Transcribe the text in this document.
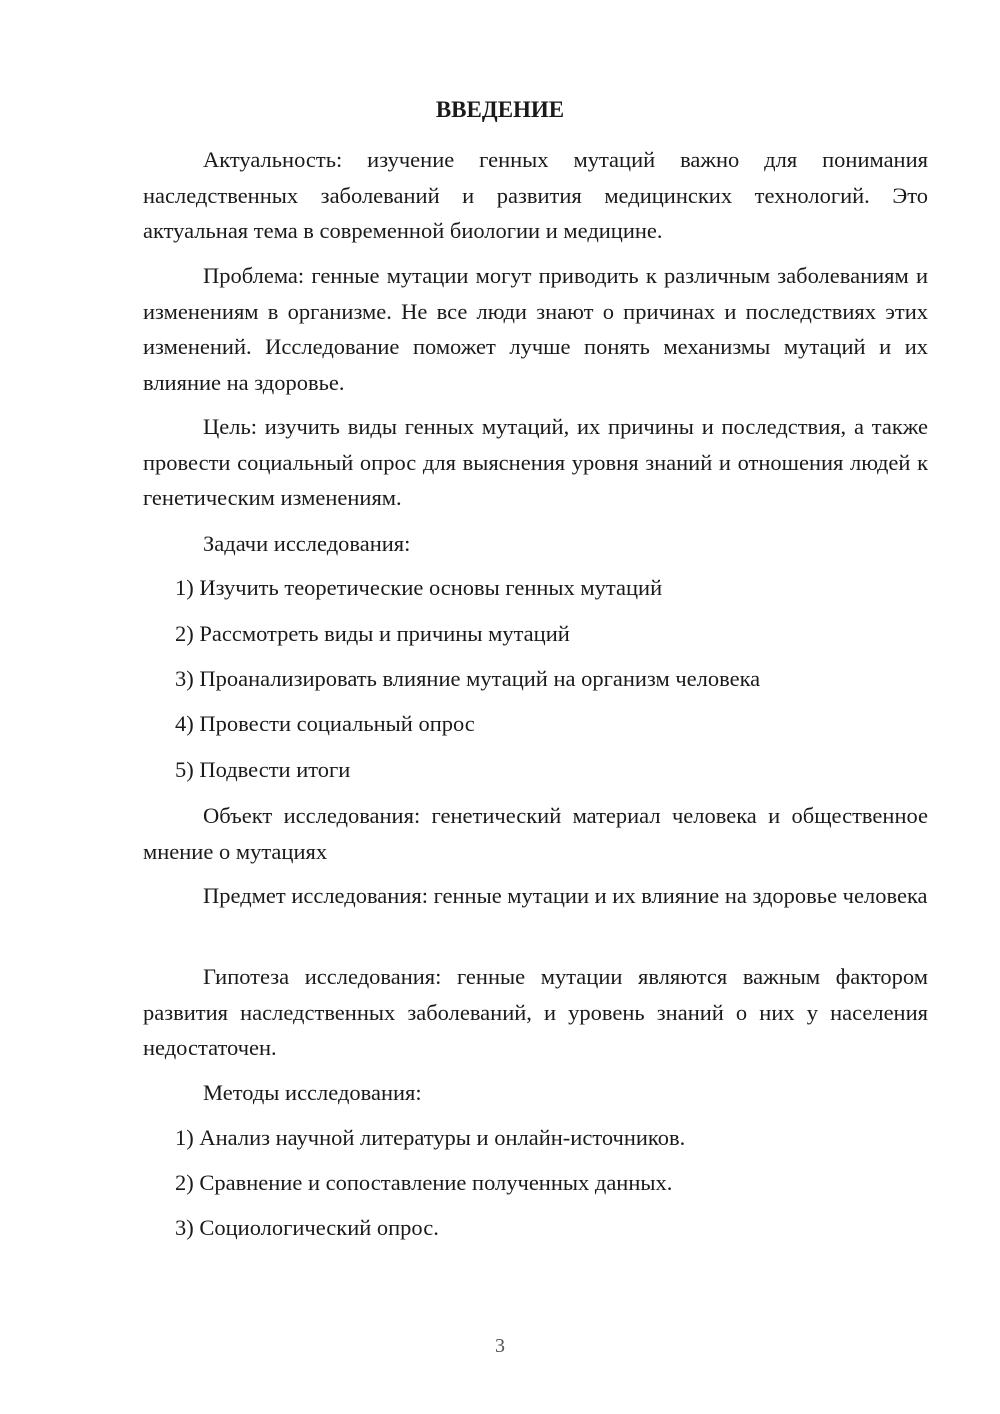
ВВЕДЕНИЕ

Актуальность: изучение генных мутаций важно для понимания наследственных заболеваний и развития медицинских технологий. Это актуальная тема в современной биологии и медицине.

Проблема: генные мутации могут приводить к различным заболеваниям и изменениям в организме. Не все люди знают о причинах и последствиях этих изменений. Исследование поможет лучше понять механизмы мутаций и их влияние на здоровье.

Цель: изучить виды генных мутаций, их причины и последствия, а также провести социальный опрос для выяснения уровня знаний и отношения людей к генетическим изменениям.

Задачи исследования:

1) Изучить теоретические основы генных мутаций

2) Рассмотреть виды и причины мутаций

3) Проанализировать влияние мутаций на организм человека

4) Провести социальный опрос

5) Подвести итоги

Объект исследования: генетический материал человека и общественное мнение о мутациях

Предмет исследования: генные мутации и их влияние на здоровье человека

Гипотеза исследования: генные мутации являются важным фактором развития наследственных заболеваний, и уровень знаний о них у населения недостаточен.

Методы исследования:

1) Анализ научной литературы и онлайн-источников.

2) Сравнение и сопоставление полученных данных.

3) Социологический опрос.

3
